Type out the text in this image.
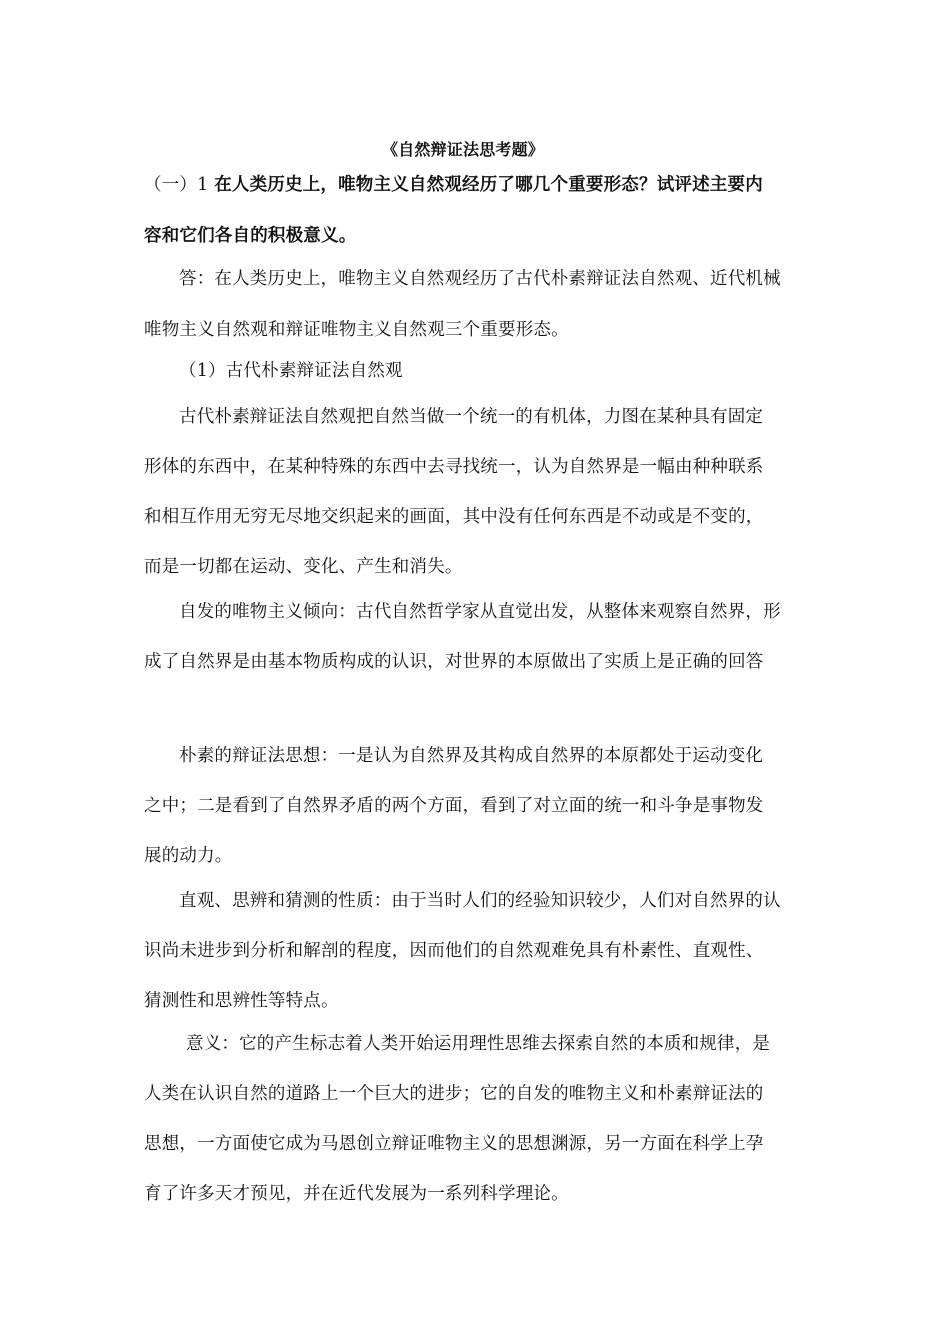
《自然辩证法思考题》
（一）1 在人类历史上，唯物主义自然观经历了哪几个重要形态？试评述主要内
容和它们各自的积极意义。
答：在人类历史上，唯物主义自然观经历了古代朴素辩证法自然观、近代机械
唯物主义自然观和辩证唯物主义自然观三个重要形态。
（1）古代朴素辩证法自然观
古代朴素辩证法自然观把自然当做一个统一的有机体，力图在某种具有固定
形体的东西中，在某种特殊的东西中去寻找统一，认为自然界是一幅由种种联系
和相互作用无穷无尽地交织起来的画面，其中没有任何东西是不动或是不变的，
而是一切都在运动、变化、产生和消失。
自发的唯物主义倾向：古代自然哲学家从直觉出发，从整体来观察自然界，形
成了自然界是由基本物质构成的认识，对世界的本原做出了实质上是正确的回答
朴素的辩证法思想：一是认为自然界及其构成自然界的本原都处于运动变化
之中；二是看到了自然界矛盾的两个方面，看到了对立面的统一和斗争是事物发
展的动力。
直观、思辨和猜测的性质：由于当时人们的经验知识较少，人们对自然界的认
识尚未进步到分析和解剖的程度，因而他们的自然观难免具有朴素性、直观性、
猜测性和思辨性等特点。
意义：它的产生标志着人类开始运用理性思维去探索自然的本质和规律，是
人类在认识自然的道路上一个巨大的进步；它的自发的唯物主义和朴素辩证法的
思想，一方面使它成为马恩创立辩证唯物主义的思想渊源，另一方面在科学上孕
育了许多天才预见，并在近代发展为一系列科学理论。
